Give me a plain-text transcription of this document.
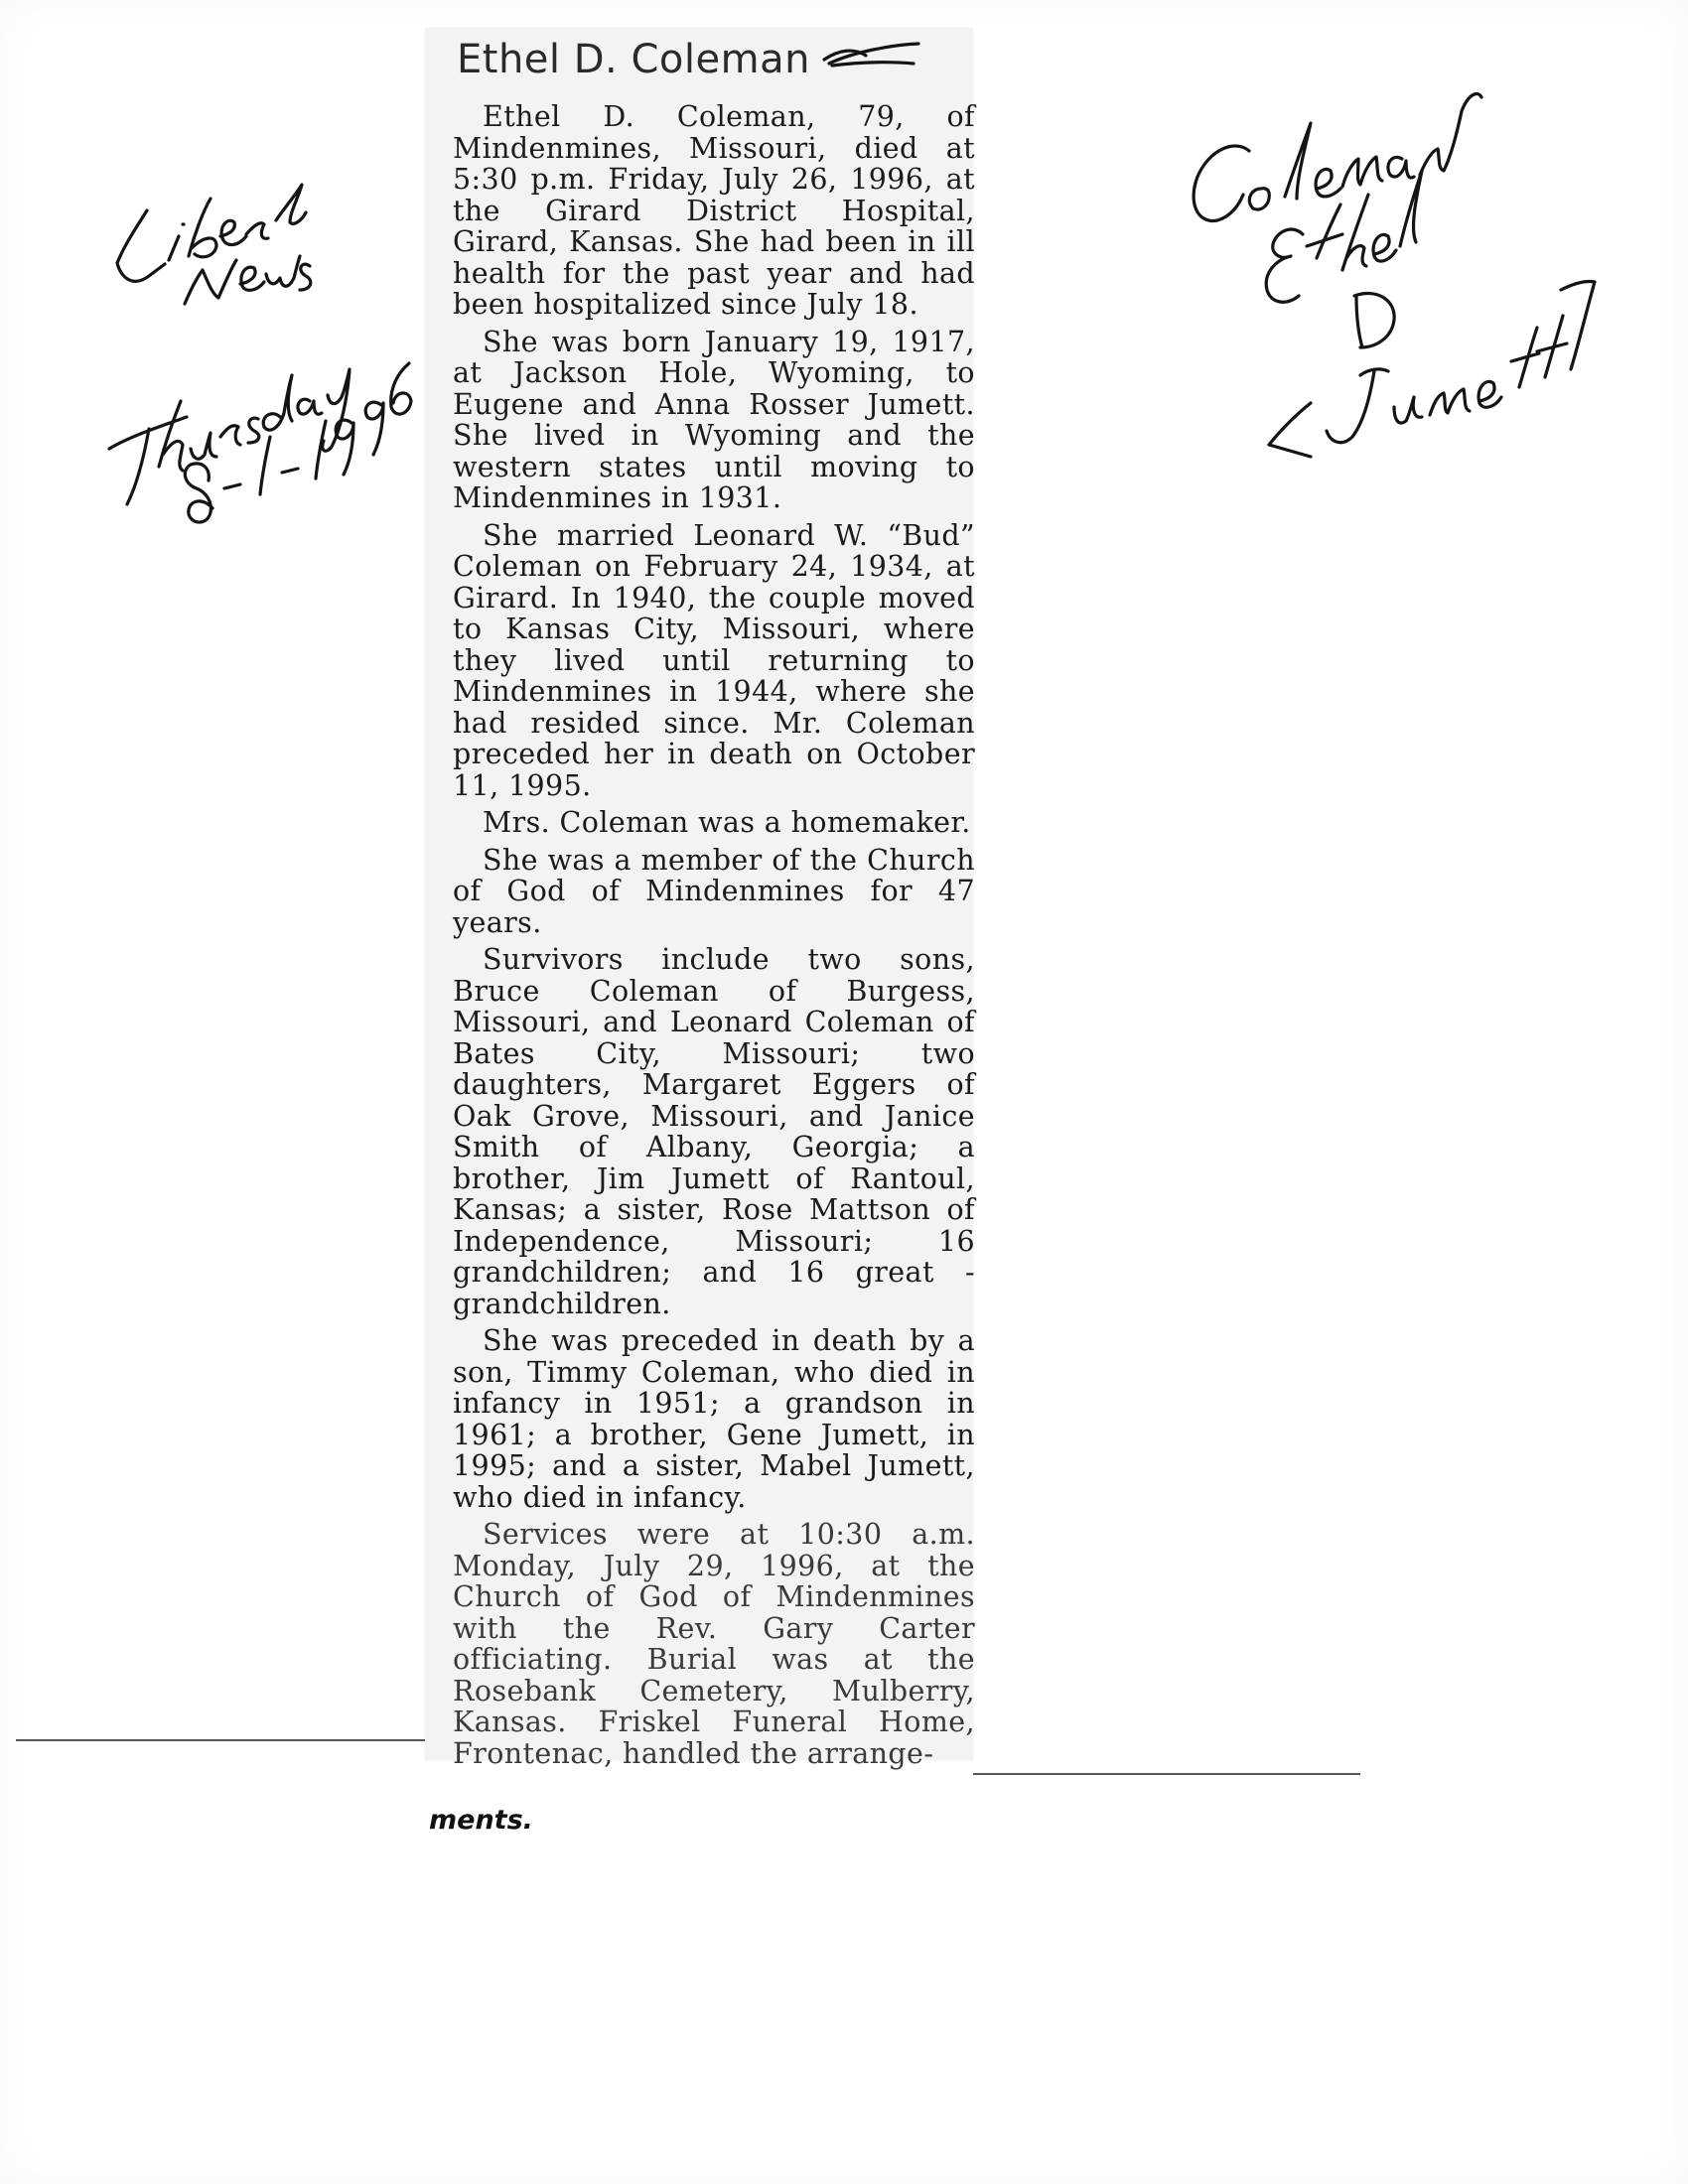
Ethel D. Coleman

Ethel D. Coleman, 79, of Mindenmines, Missouri, died at 5:30 p.m. Friday, July 26, 1996, at the Girard District Hospital, Girard, Kansas. She had been in ill health for the past year and had been hospitalized since July 18.

She was born January 19, 1917, at Jackson Hole, Wyoming, to Eugene and Anna Rosser Jumett. She lived in Wyoming and the western states until moving to Mindenmines in 1931.

She married Leonard W. “Bud” Coleman on February 24, 1934, at Girard. In 1940, the couple moved to Kansas City, Missouri, where they lived until returning to Mindenmines in 1944, where she had resided since. Mr. Coleman preceded her in death on October 11, 1995.

Mrs. Coleman was a homemaker.

She was a member of the Church of God of Mindenmines for 47 years.

Survivors include two sons, Bruce Coleman of Burgess, Missouri, and Leonard Coleman of Bates City, Missouri; two daughters, Margaret Eggers of Oak Grove, Missouri, and Janice Smith of Albany, Georgia; a brother, Jim Jumett of Rantoul, Kansas; a sister, Rose Mattson of Independence, Missouri; 16 grandchildren; and 16 great - grandchildren.

She was preceded in death by a son, Timmy Coleman, who died in infancy in 1951; a grandson in 1961; a brother, Gene Jumett, in 1995; and a sister, Mabel Jumett, who died in infancy.

Services were at 10:30 a.m. Monday, July 29, 1996, at the Church of God of Mindenmines with the Rev. Gary Carter officiating. Burial was at the Rosebank Cemetery, Mulberry, Kansas. Friskel Funeral Home, Frontenac, handled the arrange-

ments.
